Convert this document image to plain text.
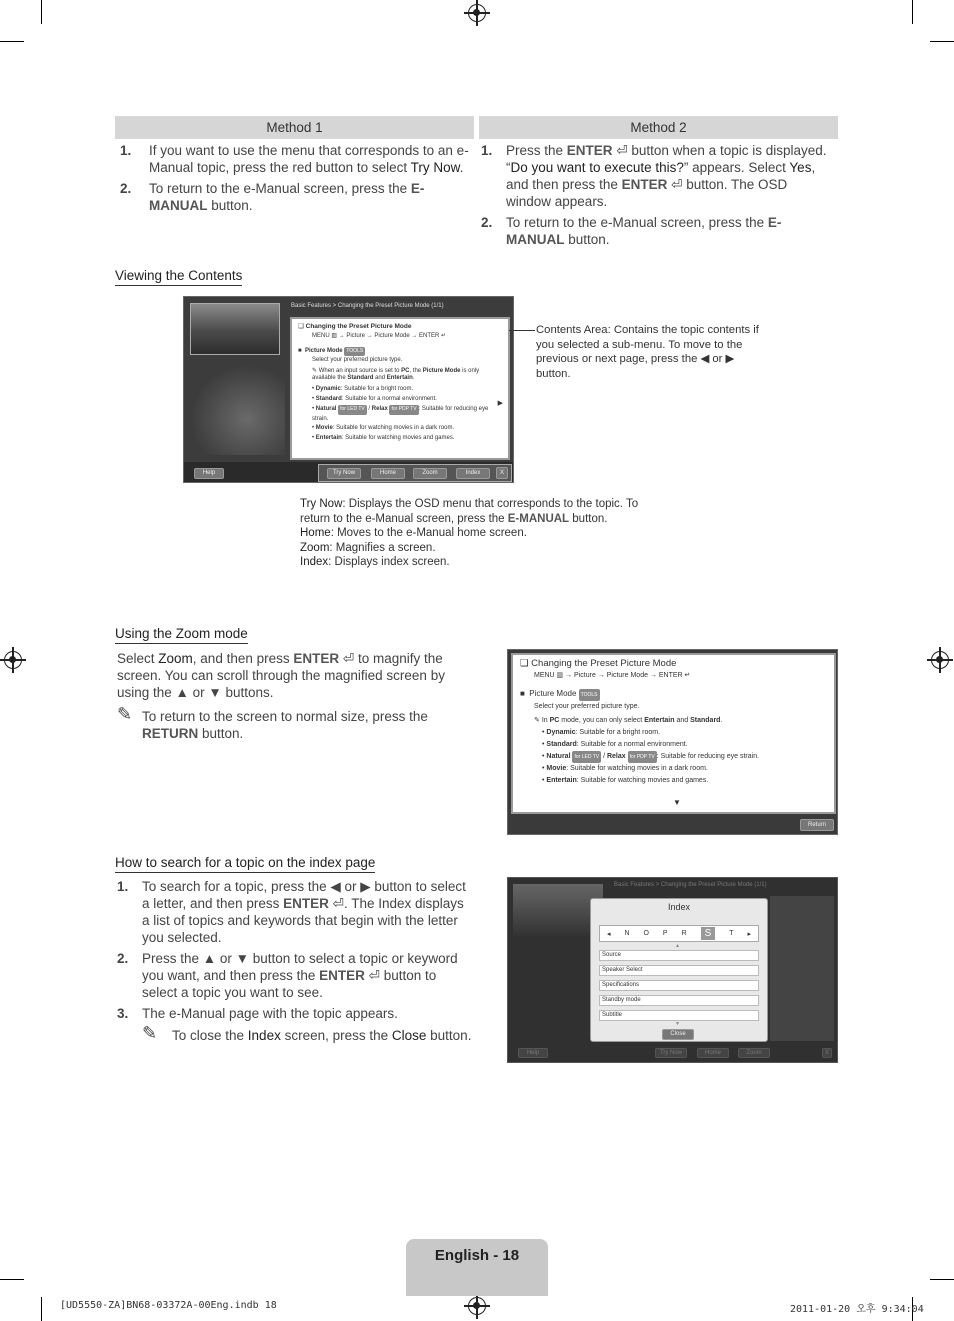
Method 1	Method 2
1. If you want to use the menu that corresponds to an e-Manual topic, press the red button to select Try Now.
2. To return to the e-Manual screen, press the E-MANUAL button.
1. Press the ENTER ⏎ button when a topic is displayed. “Do you want to execute this?” appears. Select Yes, and then press the ENTER ⏎ button. The OSD window appears.
2. To return to the e-Manual screen, press the E-MANUAL button.
Viewing the Contents
Basic Features > Changing the Preset Picture Mode (1/1)
❑ Changing the Preset Picture Mode
MENU ▥ → Picture → Picture Mode → ENTER ↵
■  Picture Mode TOOLS
Select your preferred picture type.
✎ When an input source is set to PC, the Picture Mode is only available the Standard and Entertain.
• Dynamic: Suitable for a bright room.
• Standard: Suitable for a normal environment.
• Natural for LED TV / Relax for PDP TV : Suitable for reducing eye strain.
• Movie: Suitable for watching movies in a dark room.
• Entertain: Suitable for watching movies and games.
▶
Help	Try Now	Home	Zoom	Index	X
Contents Area: Contains the topic contents if you selected a sub-menu. To move to the previous or next page, press the ◀ or ▶ button.
Try Now: Displays the OSD menu that corresponds to the topic. To return to the e-Manual screen, press the E-MANUAL button.
Home: Moves to the e-Manual home screen.
Zoom: Magnifies a screen.
Index: Displays index screen.
Using the Zoom mode
Select Zoom, and then press ENTER ⏎ to magnify the screen. You can scroll through the magnified screen by using the ▲ or ▼ buttons.
✎ To return to the screen to normal size, press the RETURN button.
❑ Changing the Preset Picture Mode
MENU ▥ → Picture → Picture Mode → ENTER ↵
■  Picture Mode TOOLS
Select your preferred picture type.
✎ In PC mode, you can only select Entertain and Standard.
• Dynamic: Suitable for a bright room.
• Standard: Suitable for a normal environment.
• Natural for LED TV / Relax for PDP TV : Suitable for reducing eye strain.
• Movie: Suitable for watching movies in a dark room.
• Entertain: Suitable for watching movies and games.
▼
Return
How to search for a topic on the index page
1. To search for a topic, press the ◀ or ▶ button to select a letter, and then press ENTER ⏎. The Index displays a list of topics and keywords that begin with the letter you selected.
2. Press the ▲ or ▼ button to select a topic or keyword you want, and then press the ENTER ⏎ button to select a topic you want to see.
3. The e-Manual page with the topic appears.
✎ To close the Index screen, press the Close button.
Basic Features > Changing the Preset Picture Mode (1/1)
Help	Try Now	Home	Zoom	X
Index
◂ N O P R	S	T ▸
▲
Source
Speaker Select
Specifications
Standby mode
Subtitle
▼
Close
English - 18
[UD5550-ZA]BN68-03372A-00Eng.indb 18	2011-01-20 오후 9:34:04
